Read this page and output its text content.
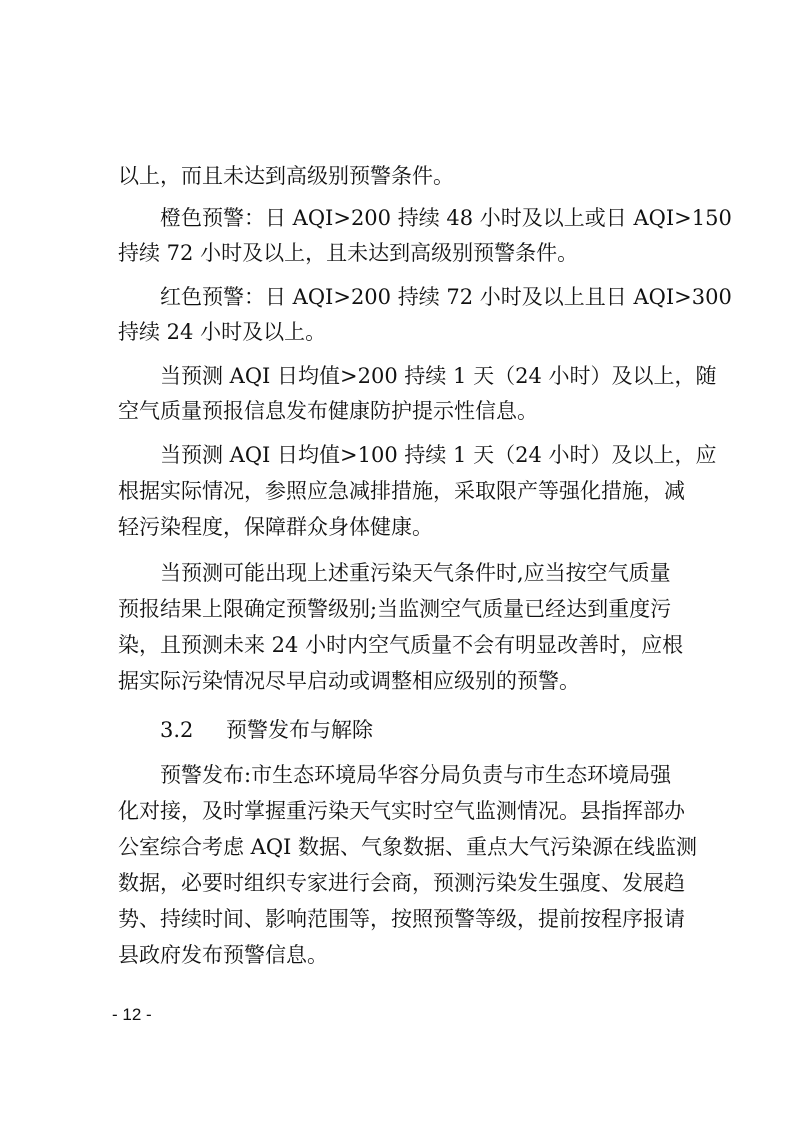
以上，而且未达到高级别预警条件。
橙色预警：日 AQI>200 持续 48 小时及以上或日 AQI>150
持续 72 小时及以上，且未达到高级别预警条件。
红色预警：日 AQI>200 持续 72 小时及以上且日 AQI>300
持续 24 小时及以上。
当预测 AQI 日均值>200 持续 1 天（24 小时）及以上，随
空气质量预报信息发布健康防护提示性信息。
当预测 AQI 日均值>100 持续 1 天（24 小时）及以上，应
根据实际情况，参照应急减排措施，采取限产等强化措施，减
轻污染程度，保障群众身体健康。
当预测可能出现上述重污染天气条件时,应当按空气质量
预报结果上限确定预警级别;当监测空气质量已经达到重度污
染，且预测未来 24 小时内空气质量不会有明显改善时，应根
据实际污染情况尽早启动或调整相应级别的预警。
3.2 预警发布与解除
预警发布:市生态环境局华容分局负责与市生态环境局强
化对接，及时掌握重污染天气实时空气监测情况。县指挥部办
公室综合考虑 AQI 数据、气象数据、重点大气污染源在线监测
数据，必要时组织专家进行会商，预测污染发生强度、发展趋
势、持续时间、影响范围等，按照预警等级，提前按程序报请
县政府发布预警信息。
- 12 -
